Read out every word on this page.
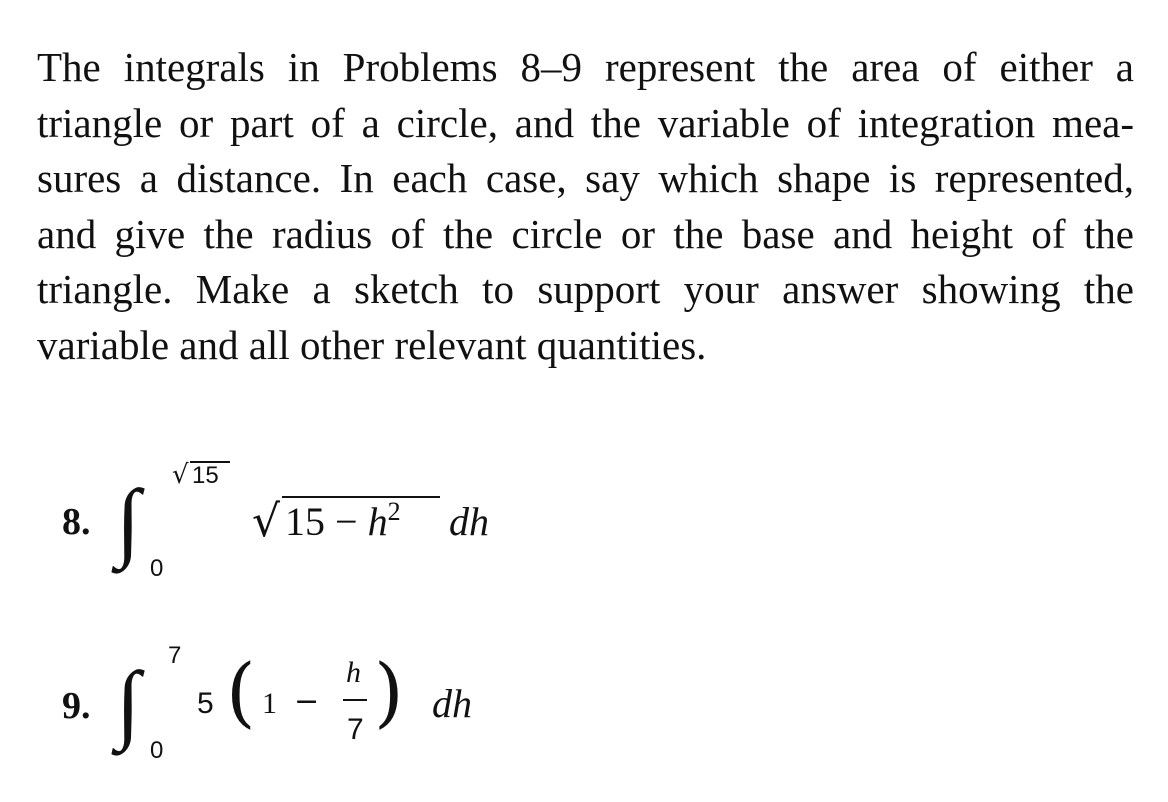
The integrals in Problems 8–9 represent the area of either a
triangle or part of a circle, and the variable of integration mea-
sures a distance. In each case, say which shape is represented,
and give the radius of the circle or the base and height of the
triangle. Make a sketch to support your answer showing the
variable and all other relevant quantities.
8. ∫ √ 15
0
√ $15 - h^2$ dh
9. ∫ 7
0
5 ( 1 −
h
7 ) dh
